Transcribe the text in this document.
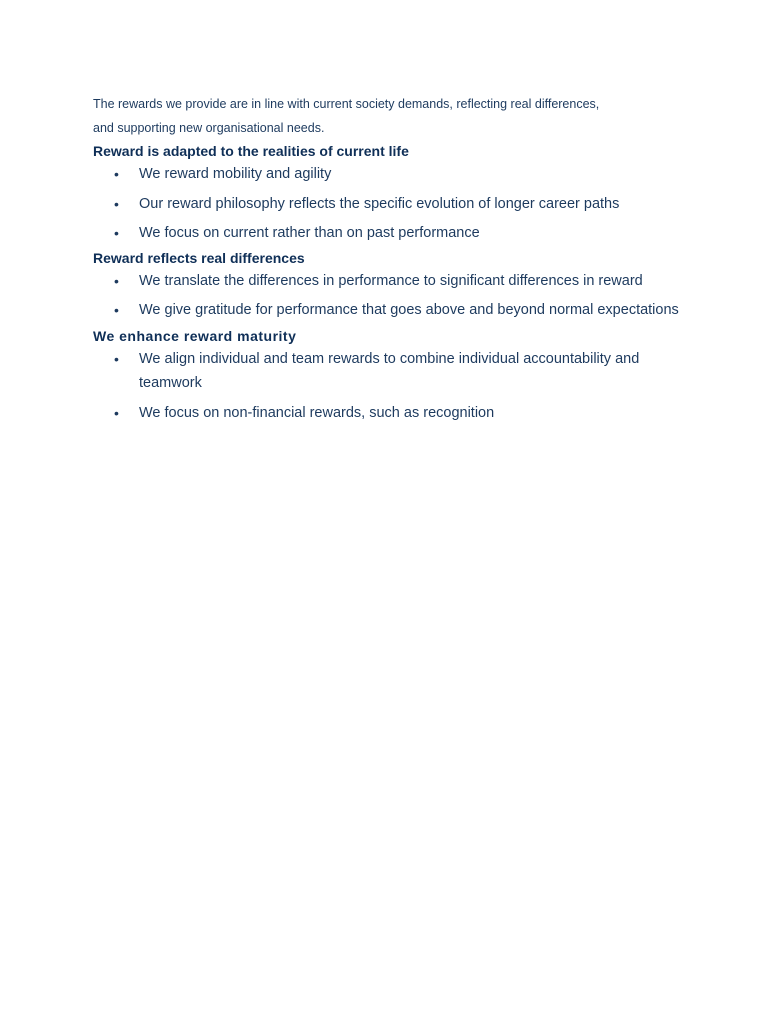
The rewards we provide are in line with current society demands, reflecting real differences,
and supporting new organisational needs.

Reward is adapted to the realities of current life
• We reward mobility and agility
• Our reward philosophy reflects the specific evolution of longer career paths
• We focus on current rather than on past performance
Reward reflects real differences
• We translate the differences in performance to significant differences in reward
• We give gratitude for performance that goes above and beyond normal expectations
We enhance reward maturity
• We align individual and team rewards to combine individual accountability and teamwork
• We focus on non-financial rewards, such as recognition
